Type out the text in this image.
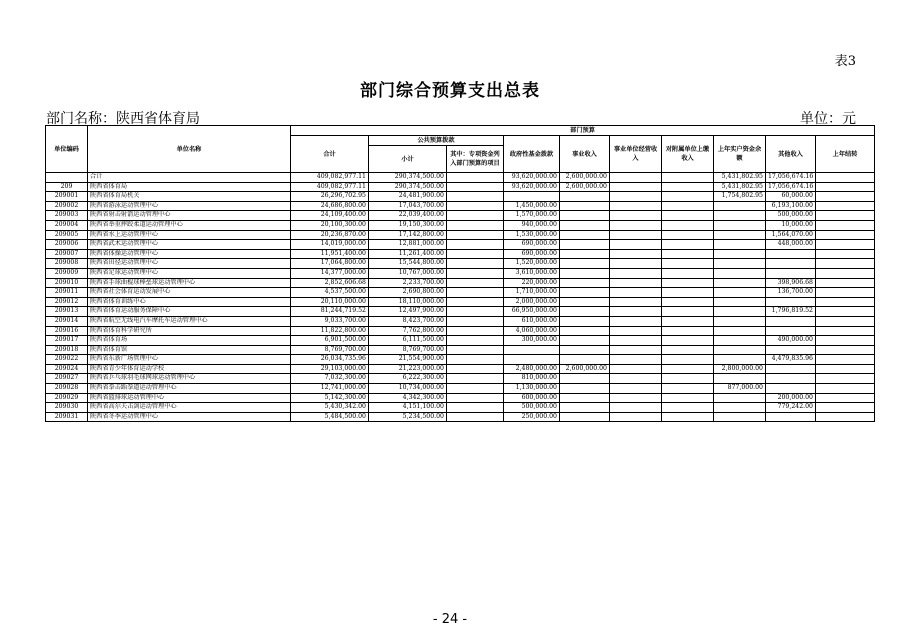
表3
部门综合预算支出总表
部门名称：陕西省体育局	单位：元
单位编码	单位名称	部门预算									
		合计	公共预算拨款		政府性基金拨款	事业收入	事业单位经营收入	对附属单位上缴收入	上年实户资金余额	其他收入	上年结转
			小计	其中：专项资金列入部门预算的项目							

	合计	409,082,977.11	290,374,500.00		93,620,000.00	2,600,000.00			5,431,802.95	17,056,674.16	
209	陕西省体育局	409,082,977.11	290,374,500.00		93,620,000.00	2,600,000.00			5,431,802.95	17,056,674.16	
209001	陕西省体育局机关	26,296,702.95	24,481,900.00						1,754,802.95	60,000.00	
209002	陕西省游泳运动管理中心	24,686,800.00	17,043,700.00		1,450,000.00					6,193,100.00	
209003	陕西省射击射箭运动管理中心	24,109,400.00	22,039,400.00		1,570,000.00					500,000.00	
209004	陕西省举重摔跤柔道运动管理中心	20,100,300.00	19,150,300.00		940,000.00					10,000.00	
209005	陕西省水上运动管理中心	20,236,870.00	17,142,800.00		1,530,000.00					1,564,070.00	
209006	陕西省武术运动管理中心	14,019,000.00	12,881,000.00		690,000.00					448,000.00	
209007	陕西省体操运动管理中心	11,951,400.00	11,261,400.00		690,000.00						
209008	陕西省田径运动管理中心	17,064,800.00	15,544,800.00		1,520,000.00						
209009	陕西省足球运动管理中心	14,377,000.00	10,767,000.00		3,610,000.00						
209010	陕西省手球曲棍球棒垒球运动管理中心	2,852,606.68	2,233,700.00		220,000.00					398,906.68	
209011	陕西省社会体育运动发展中心	4,537,500.00	2,690,800.00		1,710,000.00					136,700.00	
209012	陕西省体育训练中心	20,110,000.00	18,110,000.00		2,000,000.00						
209013	陕西省体育运动服务保障中心	81,244,719.52	12,497,900.00		66,950,000.00					1,796,819.52	
209014	陕西省航空无线电汽车摩托车运动管理中心	9,033,700.00	8,423,700.00		610,000.00						
209016	陕西省体育科学研究所	11,822,800.00	7,762,800.00		4,060,000.00						
209017	陕西省体育场	6,901,500.00	6,111,500.00		300,000.00					490,000.00	
209018	陕西省体育馆	8,769,700.00	8,769,700.00								
209022	陕西省东新广场管理中心	26,034,735.96	21,554,900.00							4,479,835.96	
209024	陕西省青少年体育运动学校	29,103,000.00	21,223,000.00		2,480,000.00	2,600,000.00			2,800,000.00		
209027	陕西省乒乓球羽毛球网球运动管理中心	7,032,300.00	6,222,300.00		810,000.00						
209028	陕西省拳击跆拳道运动管理中心	12,741,000.00	10,734,000.00		1,130,000.00				877,000.00		
209029	陕西省篮排球运动管理中心	5,142,300.00	4,342,300.00		600,000.00					200,000.00	
209030	陕西省高尔夫击剑运动管理中心	5,430,342.00	4,151,100.00		500,000.00					779,242.00	
209031	陕西省冬季运动管理中心	5,484,500.00	5,234,500.00		250,000.00						
- 24 -
